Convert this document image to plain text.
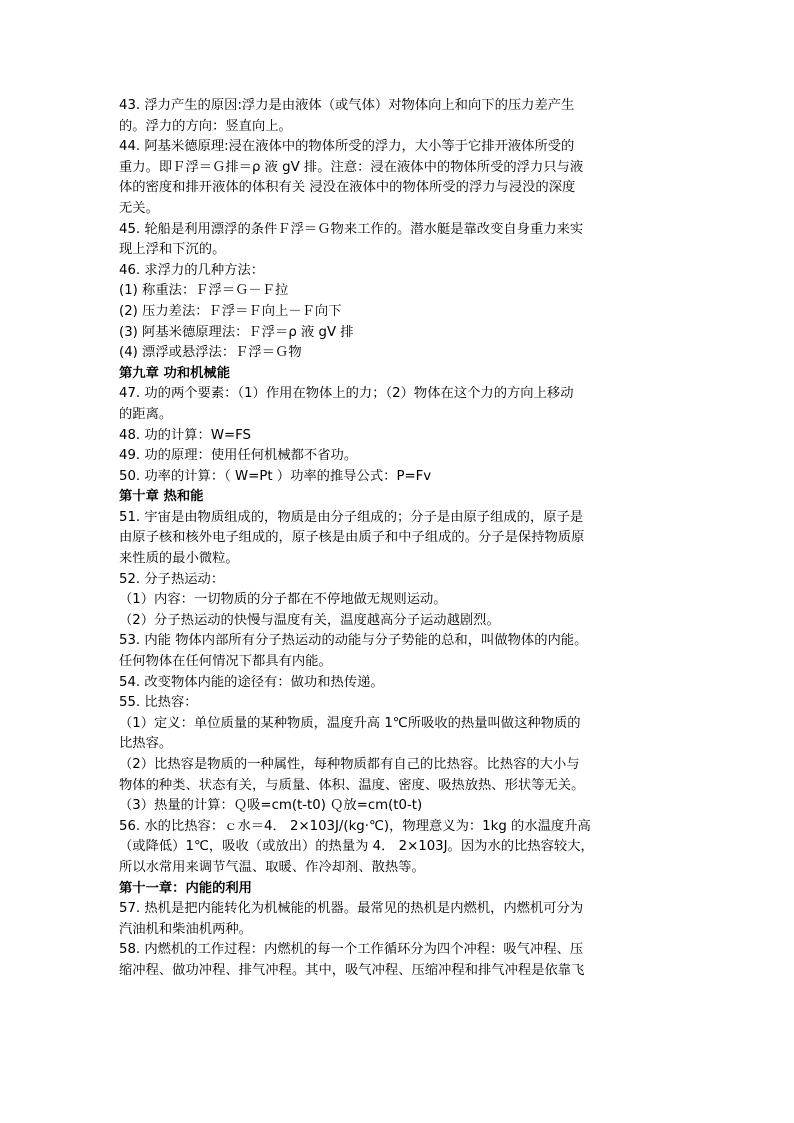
43. 浮力产生的原因:浮力是由液体（或气体）对物体向上和向下的压力差产生
的。浮力的方向：竖直向上。
44. 阿基米德原理:浸在液体中的物体所受的浮力，大小等于它排开液体所受的
重力。即Ｆ浮＝Ｇ排＝ρ 液 gV 排。注意：浸在液体中的物体所受的浮力只与液
体的密度和排开液体的体积有关 浸没在液体中的物体所受的浮力与浸没的深度
无关。
45. 轮船是利用漂浮的条件Ｆ浮＝Ｇ物来工作的。潜水艇是靠改变自身重力来实
现上浮和下沉的。
46. 求浮力的几种方法：
(1) 称重法：Ｆ浮＝Ｇ－Ｆ拉
(2) 压力差法：Ｆ浮＝Ｆ向上－Ｆ向下
(3) 阿基米德原理法：Ｆ浮＝ρ 液 gV 排
(4) 漂浮或悬浮法：Ｆ浮＝Ｇ物
第九章 功和机械能
47. 功的两个要素：（1）作用在物体上的力；（2）物体在这个力的方向上移动
的距离。
48. 功的计算：W=FS
49. 功的原理：使用任何机械都不省功。
50. 功率的计算：（ W=Pt ）功率的推导公式：P=Fv
第十章 热和能
51. 宇宙是由物质组成的，物质是由分子组成的；分子是由原子组成的，原子是
由原子核和核外电子组成的，原子核是由质子和中子组成的。分子是保持物质原
来性质的最小微粒。
52. 分子热运动：
（1）内容：一切物质的分子都在不停地做无规则运动。
（2）分子热运动的快慢与温度有关，温度越高分子运动越剧烈。
53. 内能 物体内部所有分子热运动的动能与分子势能的总和，叫做物体的内能。
任何物体在任何情况下都具有内能。
54. 改变物体内能的途径有：做功和热传递。
55. 比热容：
（1）定义：单位质量的某种物质，温度升高 1℃所吸收的热量叫做这种物质的
比热容。
（2）比热容是物质的一种属性，每种物质都有自己的比热容。比热容的大小与
物体的种类、状态有关，与质量、体积、温度、密度、吸热放热、形状等无关。
（3）热量的计算：Ｑ吸=cm(t-t0) Ｑ放=cm(t0-t)
56. 水的比热容：ｃ水＝4． 2×103J/(kg·℃)，物理意义为：1kg 的水温度升高
（或降低）1℃，吸收（或放出）的热量为 4． 2×103J。因为水的比热容较大，
所以水常用来调节气温、取暖、作冷却剂、散热等。
第十一章：内能的利用
57. 热机是把内能转化为机械能的机器。最常见的热机是内燃机，内燃机可分为
汽油机和柴油机两种。
58. 内燃机的工作过程：内燃机的每一个工作循环分为四个冲程：吸气冲程、压
缩冲程、做功冲程、排气冲程。其中，吸气冲程、压缩冲程和排气冲程是依靠飞
